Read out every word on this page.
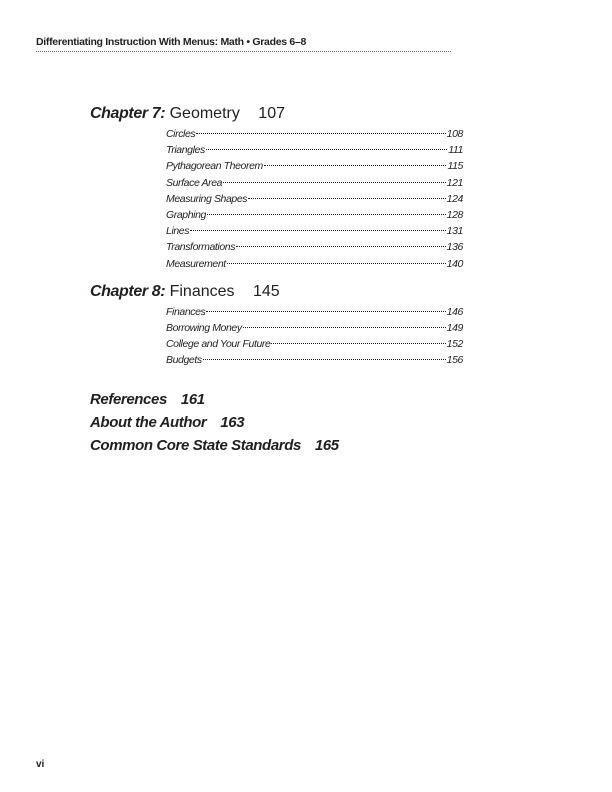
Differentiating Instruction With Menus: Math • Grades 6–8
Chapter 7: Geometry 107
Circles	108
Triangles	111
Pythagorean Theorem	115
Surface Area	121
Measuring Shapes	124
Graphing	128
Lines	131
Transformations	136
Measurement	140
Chapter 8: Finances 145
Finances	146
Borrowing Money	149
College and Your Future	152
Budgets	156
References 161
About the Author 163
Common Core State Standards 165
vi
